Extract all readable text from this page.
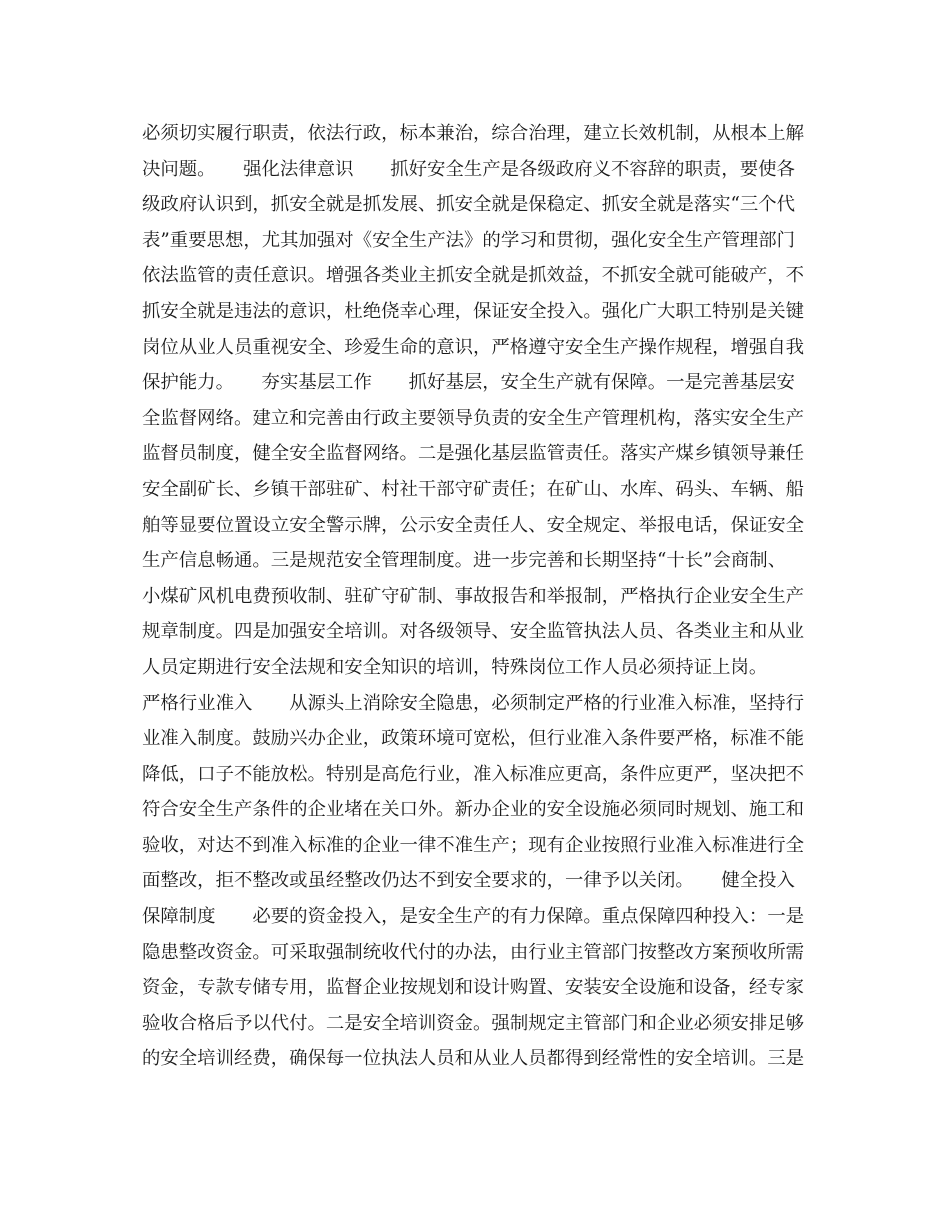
必须切实履行职责，依法行政，标本兼治，综合治理，建立长效机制，从根本上解
决问题。　　强化法律意识　　抓好安全生产是各级政府义不容辞的职责，要使各
级政府认识到，抓安全就是抓发展、抓安全就是保稳定、抓安全就是落实“三个代
表”重要思想，尤其加强对《安全生产法》的学习和贯彻，强化安全生产管理部门
依法监管的责任意识。增强各类业主抓安全就是抓效益，不抓安全就可能破产，不
抓安全就是违法的意识，杜绝侥幸心理，保证安全投入。强化广大职工特别是关键
岗位从业人员重视安全、珍爱生命的意识，严格遵守安全生产操作规程，增强自我
保护能力。　　夯实基层工作　　抓好基层，安全生产就有保障。一是完善基层安
全监督网络。建立和完善由行政主要领导负责的安全生产管理机构，落实安全生产
监督员制度，健全安全监督网络。二是强化基层监管责任。落实产煤乡镇领导兼任
安全副矿长、乡镇干部驻矿、村社干部守矿责任；在矿山、水库、码头、车辆、船
舶等显要位置设立安全警示牌，公示安全责任人、安全规定、举报电话，保证安全
生产信息畅通。三是规范安全管理制度。进一步完善和长期坚持“十长”会商制、
小煤矿风机电费预收制、驻矿守矿制、事故报告和举报制，严格执行企业安全生产
规章制度。四是加强安全培训。对各级领导、安全监管执法人员、各类业主和从业
人员定期进行安全法规和安全知识的培训，特殊岗位工作人员必须持证上岗。
严格行业准入　　从源头上消除安全隐患，必须制定严格的行业准入标准，坚持行
业准入制度。鼓励兴办企业，政策环境可宽松，但行业准入条件要严格，标准不能
降低，口子不能放松。特别是高危行业，准入标准应更高，条件应更严，坚决把不
符合安全生产条件的企业堵在关口外。新办企业的安全设施必须同时规划、施工和
验收，对达不到准入标准的企业一律不准生产；现有企业按照行业准入标准进行全
面整改，拒不整改或虽经整改仍达不到安全要求的，一律予以关闭。　　健全投入
保障制度　　必要的资金投入，是安全生产的有力保障。重点保障四种投入：一是
隐患整改资金。可采取强制统收代付的办法，由行业主管部门按整改方案预收所需
资金，专款专储专用，监督企业按规划和设计购置、安装安全设施和设备，经专家
验收合格后予以代付。二是安全培训资金。强制规定主管部门和企业必须安排足够
的安全培训经费，确保每一位执法人员和从业人员都得到经常性的安全培训。三是
